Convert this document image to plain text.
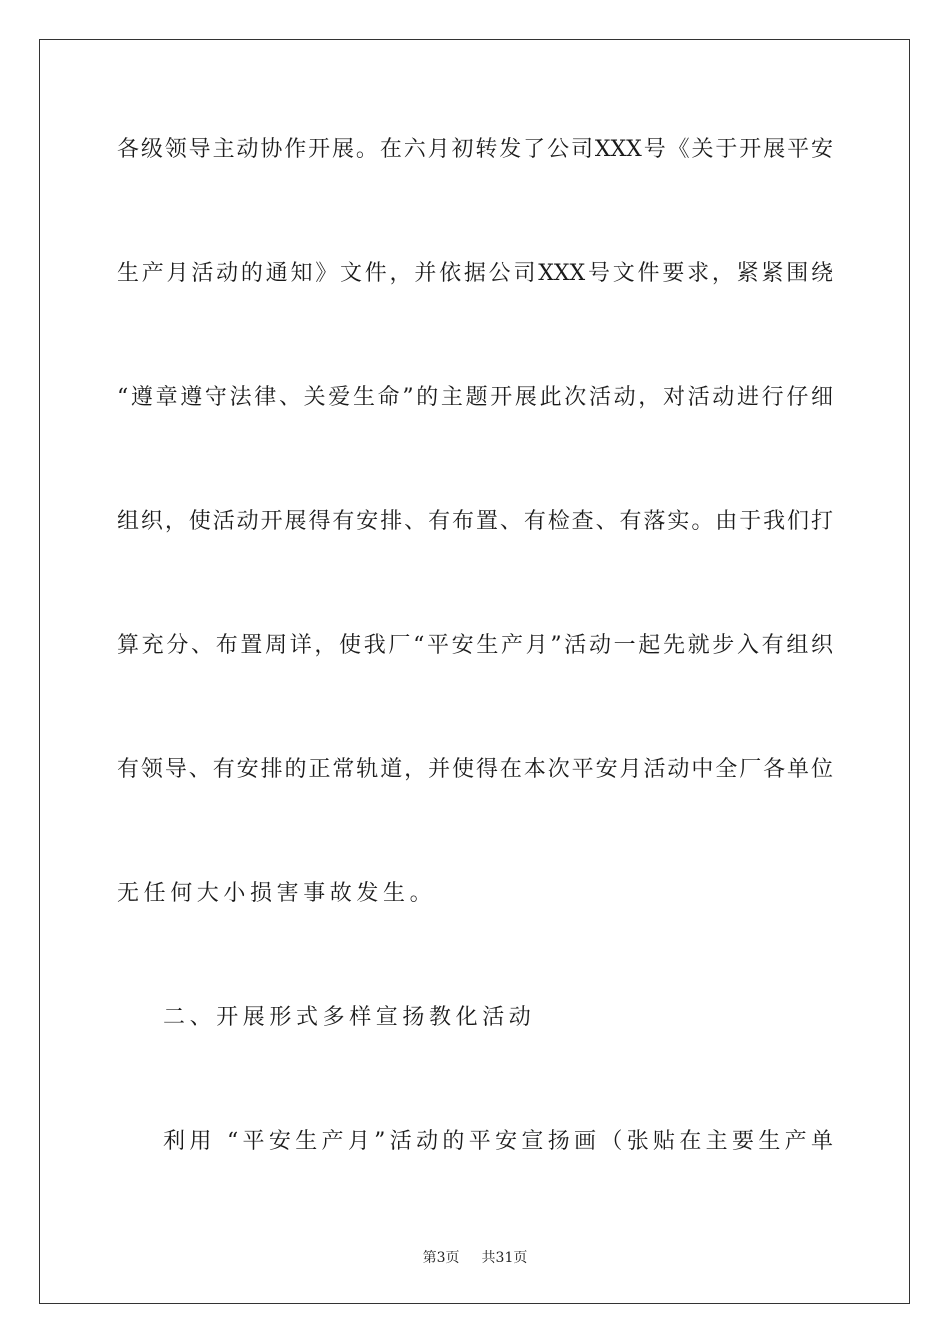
各级领导主动协作开展。在六月初转发了公司XXX号《关于开展平安
生产月活动的通知》文件，并依据公司XXX号文件要求，紧紧围绕
“遵章遵守法律、关爱生命”的主题开展此次活动，对活动进行仔细
组织，使活动开展得有安排、有布置、有检查、有落实。由于我们打
算充分、布置周详，使我厂“平安生产月”活动一起先就步入有组织
有领导、有安排的正常轨道，并使得在本次平安月活动中全厂各单位
无任何大小损害事故发生。
二、开展形式多样宣扬教化活动
利用 “平安生产月”活动的平安宣扬画（张贴在主要生产单
第3页 共31页
